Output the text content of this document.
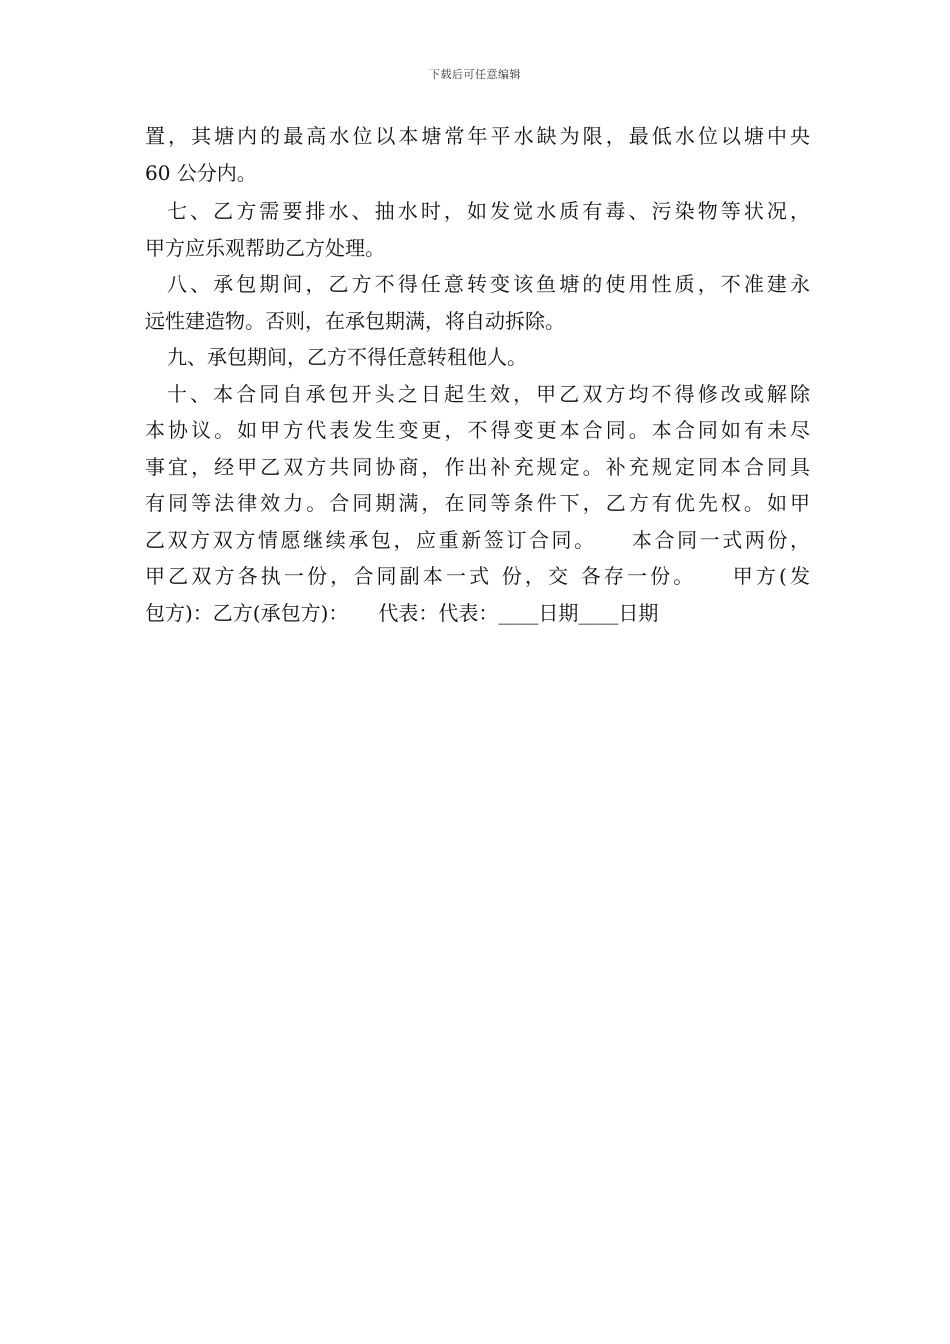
下载后可任意编辑
置，其塘内的最高水位以本塘常年平水缺为限，最低水位以塘中央
60 公分内。
七、乙方需要排水、抽水时，如发觉水质有毒、污染物等状况，
甲方应乐观帮助乙方处理。
八、承包期间，乙方不得任意转变该鱼塘的使用性质，不准建永
远性建造物。否则，在承包期满，将自动拆除。
九、承包期间，乙方不得任意转租他人。
十、本合同自承包开头之日起生效，甲乙双方均不得修改或解除
本协议。如甲方代表发生变更，不得变更本合同。本合同如有未尽
事宜，经甲乙双方共同协商，作出补充规定。补充规定同本合同具
有同等法律效力。合同期满，在同等条件下，乙方有优先权。如甲
乙双方双方情愿继续承包，应重新签订合同。　　本合同一式两份，
甲乙双方各执一份，合同副本一式 份，交 各存一份。　　甲方(发
包方)：乙方(承包方)：　　代表：代表：____日期____日期
